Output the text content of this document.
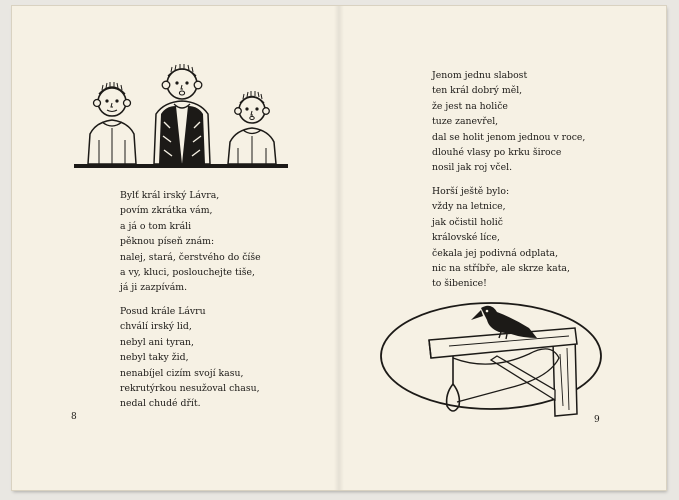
Bylť král irský Lávra,
povím zkrátka vám,
a já o tom králi
pěknou píseň znám:
nalej, stará, čerstvého do číše
a vy, kluci, poslouchejte tiše,
já ji zazpívám.
Posud krále Lávru
chválí irský lid,
nebyl ani tyran,
nebyl taky žid,
nenabíjel cizím svojí kasu,
rekrutýrkou nesužoval chasu,
nedal chudé dřít.
8
Jenom jednu slabost
ten král dobrý měl,
že jest na holiče
tuze zanevřel,
dal se holit jenom jednou v roce,
dlouhé vlasy po krku široce
nosil jak roj včel.
Horší ještě bylo:
vždy na letnice,
jak očistil holič
královské líce,
čekala jej podivná odplata,
nic na stříbře, ale skrze kata,
to šibenice!
9
